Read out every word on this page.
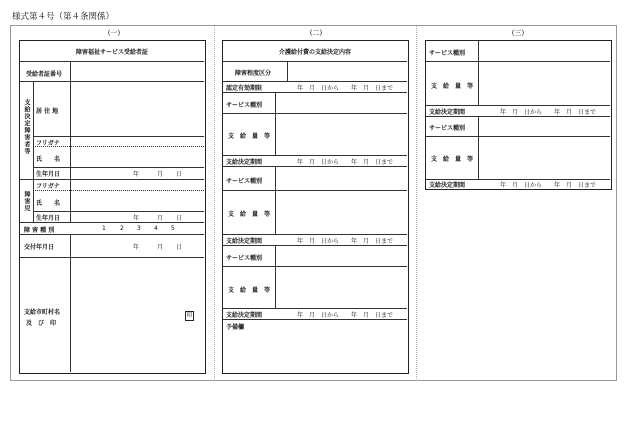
様式第４号（第４条関係）
(一)	(二)	(三)
障害福祉サービス受給者証
受給者証番号
支給決定障害者等 居 住 地
フリガナ
氏　　名
生年月日	年	月 日
障害児
フリガナ
氏　　名
生年月日	年	月 日
障 害 種 別	1 2 3 4 5
交付年月日	年	月 日
支給市町村名
及　び　印
印
介護給付費の支給決定内容
障害程度区分
認定有効期限	年　月　日から　　年　月　日まで
サービス種別
支　給　量　等
支給決定期間	年　月　日から　　年　月　日まで
サービス種別
支　給　量　等
支給決定期間	年　月　日から　　年　月　日まで
サービス種別
支　給　量　等
支給決定期間	年　月　日から　　年　月　日まで
予備欄
サービス種別
支　給　量　等
支給決定期間	年　月　日から　　年　月　日まで
サービス種別
支　給　量　等
支給決定期間	年　月　日から　　年　月　日まで
